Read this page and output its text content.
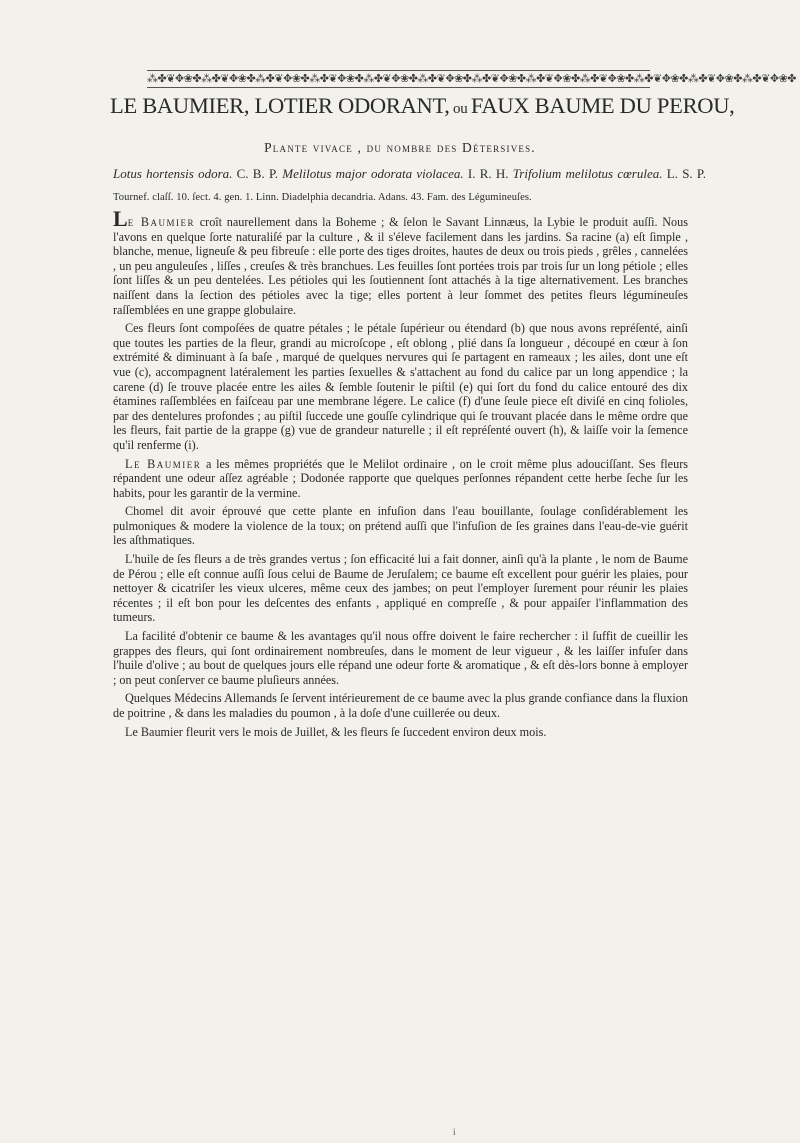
⁂✤❦✥❀✤⁂✤❦✥❀✤⁂✤❦✥❀✤⁂✤❦✥❀✤⁂✤❦✥❀✤⁂✤❦✥❀✤⁂✤❦✥❀✤⁂✤❦✥❀✤⁂✤❦✥❀✤⁂✤❦✥❀✤⁂✤❦✥❀✤⁂✤❦✥❀✤
LE BAUMIER, LOTIER ODORANT, ou FAUX BAUME DU PEROU,
Plante vivace , du nombre des Détersives.
Lotus hortensis odora. C. B. P. Melilotus major odorata violacea. I. R. H. Trifolium melilotus cœrulea. L. S. P.
Tournef. claſſ. 10. ſect. 4. gen. 1. Linn. Diadelphia decandria. Adans. 43. Fam. des Légumineuſes.

Le Baumier croît naurellement dans la Boheme ; & ſelon le Savant Linnæus, la Lybie le produit auſſi. Nous l'avons en quelque ſorte naturaliſé par la culture , & il s'éleve facilement dans les jardins. Sa racine (a) eſt ſimple , blanche, menue, ligneuſe & peu fibreuſe : elle porte des tiges droites, hautes de deux ou trois pieds , grêles , cannelées , un peu anguleuſes , liſſes , creuſes & très branchues. Les feuilles ſont portées trois par trois ſur un long pétiole ; elles ſont liſſes & un peu dentelées. Les pétioles qui les ſoutiennent ſont attachés à la tige alternativement. Les branches naiſſent dans la ſection des pétioles avec la tige; elles portent à leur ſommet des petites fleurs légumineuſes raſſemblées en une grappe globulaire.

Ces fleurs ſont compoſées de quatre pétales ; le pétale ſupérieur ou étendard (b) que nous avons repréſenté, ainſi que toutes les parties de la fleur, grandi au microſcope , eſt oblong , plié dans ſa longueur , découpé en cœur à ſon extrémité & diminuant à ſa baſe , marqué de quelques nervures qui ſe partagent en rameaux ; les ailes, dont une eſt vue (c), accompagnent latéralement les parties ſexuelles & s'attachent au fond du calice par un long appendice ; la carene (d) ſe trouve placée entre les ailes & ſemble ſoutenir le piſtil (e) qui ſort du fond du calice entouré des dix étamines raſſemblées en faiſceau par une membrane légere. Le calice (f) d'une ſeule piece eſt diviſé en cinq folioles, par des dentelures profondes ; au piſtil ſuccede une gouſſe cylindrique qui ſe trouvant placée dans le même ordre que les fleurs, fait partie de la grappe (g) vue de grandeur naturelle ; il eſt repréſenté ouvert (h), & laiſſe voir la ſemence qu'il renferme (i).

Le Baumier a les mêmes propriétés que le Melilot ordinaire , on le croit même plus adouciſſant. Ses fleurs répandent une odeur aſſez agréable ; Dodonée rapporte que quelques perſonnes répandent cette herbe ſeche ſur les habits, pour les garantir de la vermine.

Chomel dit avoir éprouvé que cette plante en infuſion dans l'eau bouillante, ſoulage conſidérablement les pulmoniques & modere la violence de la toux; on prétend auſſi que l'infuſion de ſes graines dans l'eau-de-vie guérit les aſthmatiques.

L'huile de ſes fleurs a de très grandes vertus ; ſon efficacité lui a fait donner, ainſi qu'à la plante , le nom de Baume de Pérou ; elle eſt connue auſſi ſous celui de Baume de Jeruſalem; ce baume eſt excellent pour guérir les plaies, pour nettoyer & cicatriſer les vieux ulceres, même ceux des jambes; on peut l'employer ſurement pour réunir les plaies récentes ; il eſt bon pour les deſcentes des enfants , appliqué en compreſſe , & pour appaiſer l'inflammation des tumeurs.

La facilité d'obtenir ce baume & les avantages qu'il nous offre doivent le faire rechercher : il ſuffit de cueillir les grappes des fleurs, qui ſont ordinairement nombreuſes, dans le moment de leur vigueur , & les laiſſer infuſer dans l'huile d'olive ; au bout de quelques jours elle répand une odeur forte & aromatique , & eſt dès-lors bonne à employer ; on peut conſerver ce baume pluſieurs années.

Quelques Médecins Allemands ſe ſervent intérieurement de ce baume avec la plus grande confiance dans la fluxion de poitrine , & dans les maladies du poumon , à la doſe d'une cuillerée ou deux.

Le Baumier fleurit vers le mois de Juillet, & les fleurs ſe ſuccedent environ deux mois.

i
